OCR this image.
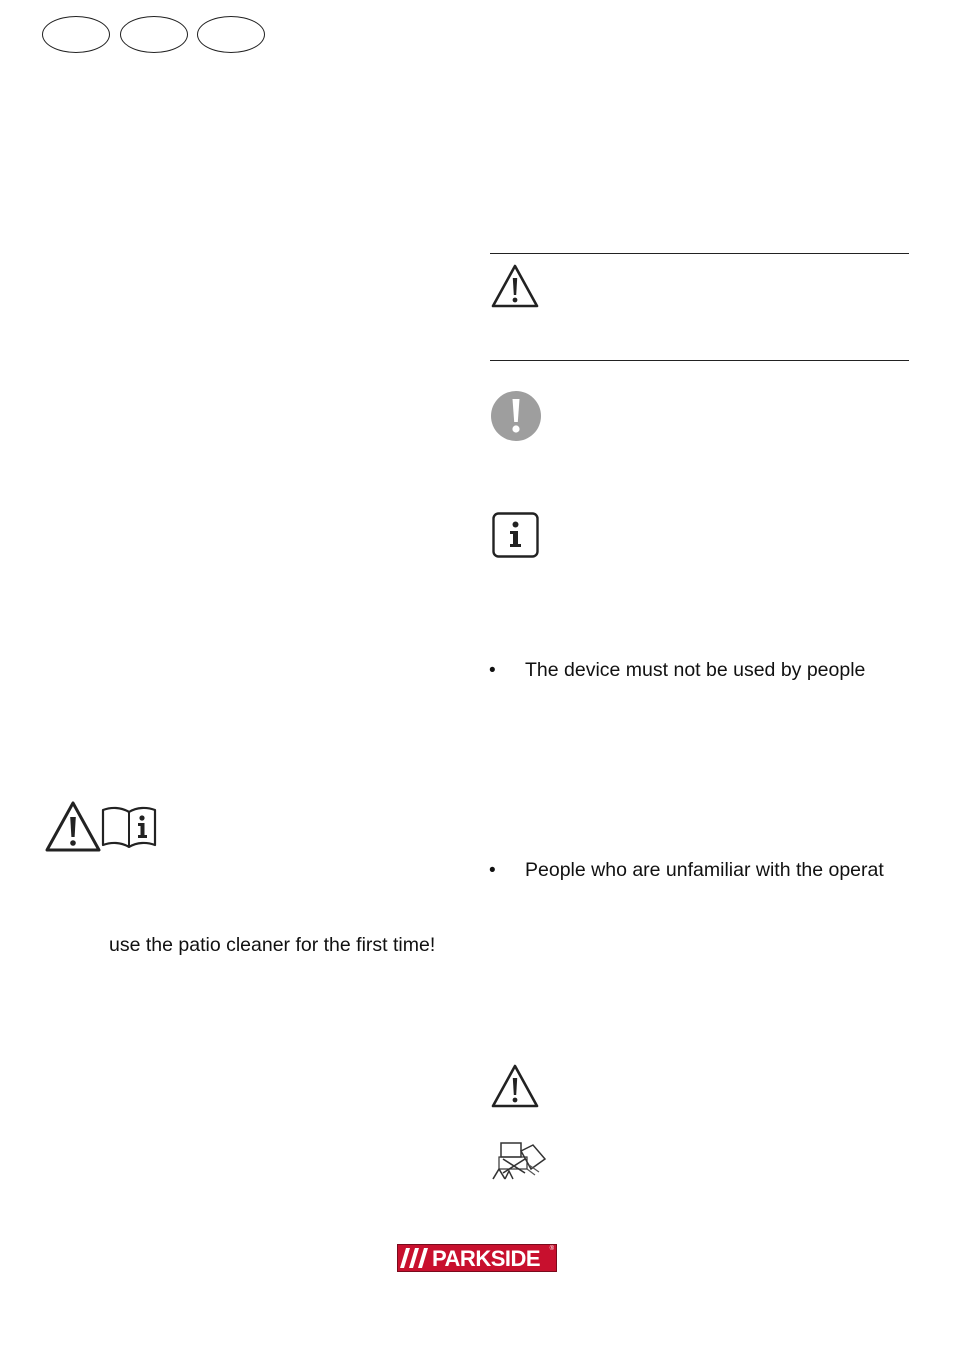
• The device must not be used by people
• People who are unfamiliar with the operat
use the patio cleaner for the first time!
PARKSIDE ®
